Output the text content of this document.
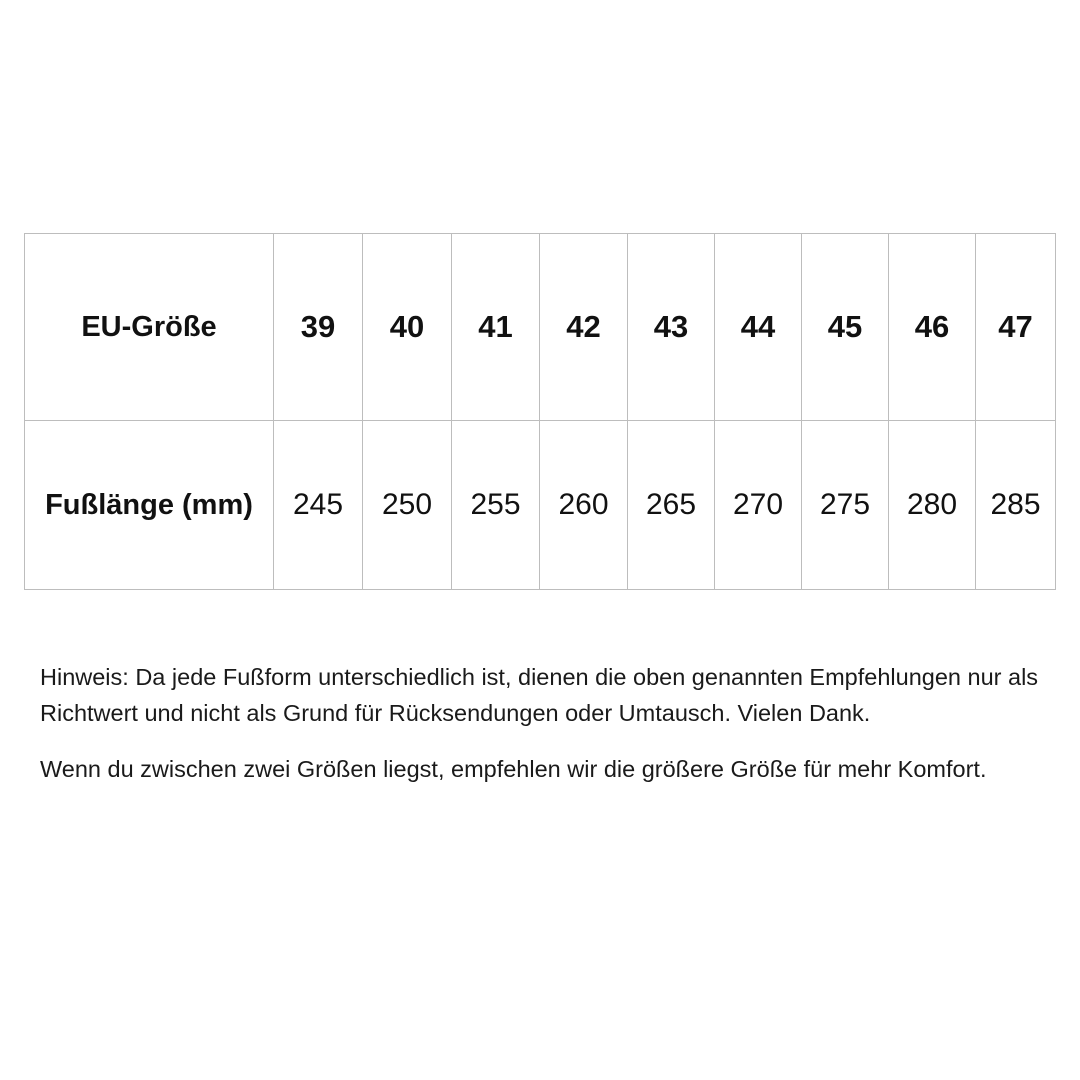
EU-Größe	39	40	41	42	43	44	45	46	47
Fußlänge (mm)	245	250	255	260	265	270	275	280	285

Hinweis: Da jede Fußform unterschiedlich ist, dienen die oben genannten Empfehlungen nur als Richtwert und nicht als Grund für Rücksendungen oder Umtausch. Vielen Dank.

Wenn du zwischen zwei Größen liegst, empfehlen wir die größere Größe für mehr Komfort.
